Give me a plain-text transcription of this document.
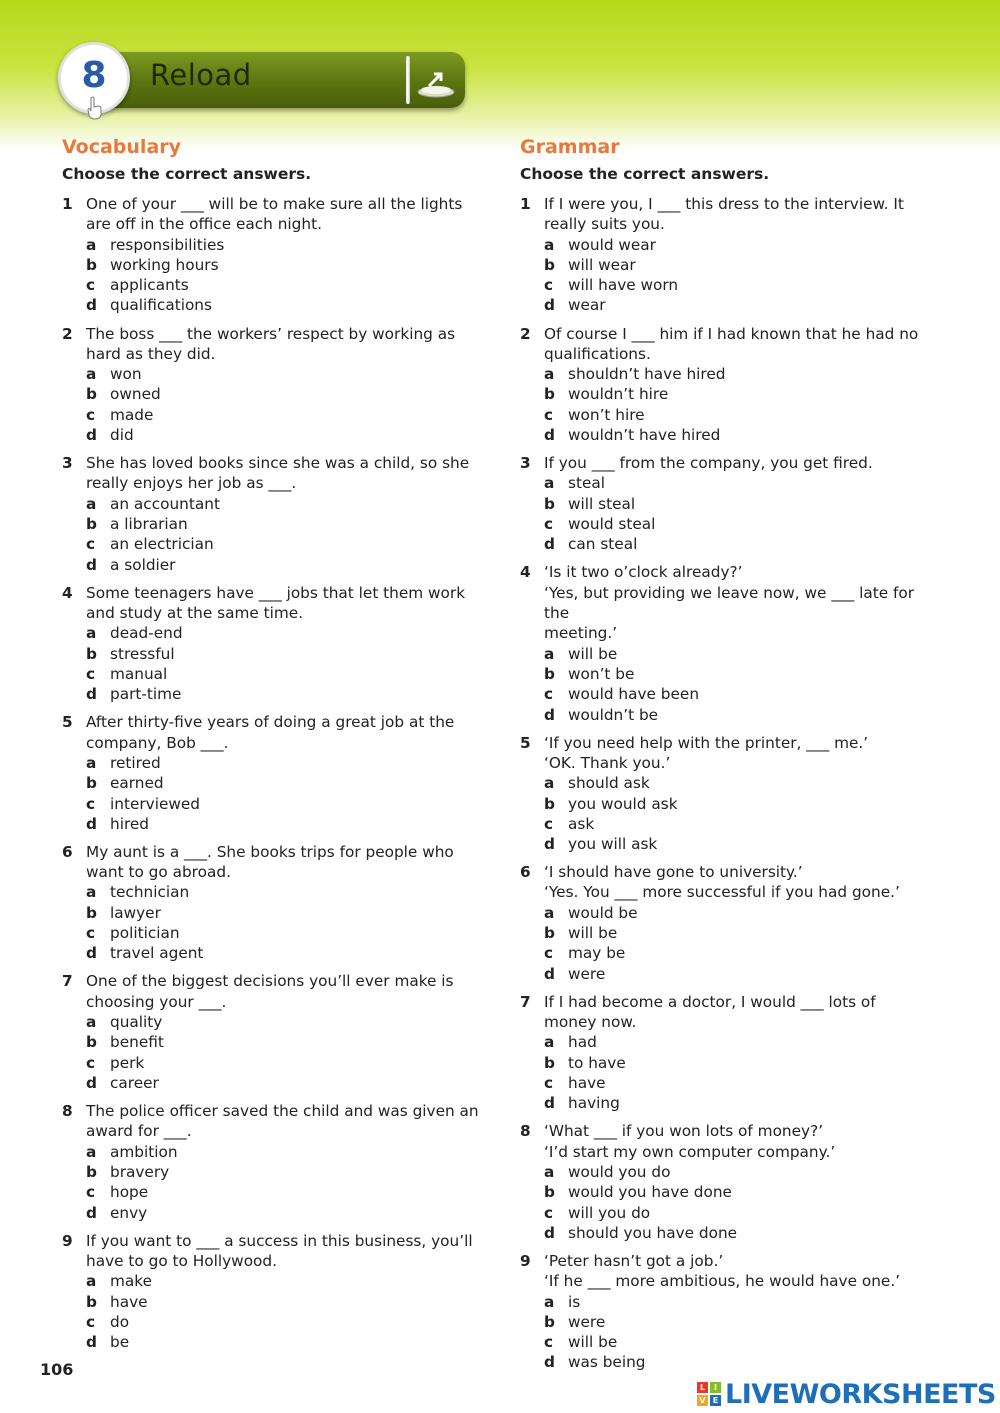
Reload
8
Vocabulary
Choose the correct answers.
1 One of your ___ will be to make sure all the lights
are off in the office each night.
a responsibilities
b working hours
c applicants
d qualifications
2 The boss ___ the workers’ respect by working as
hard as they did.
a won
b owned
c made
d did
3 She has loved books since she was a child, so she
really enjoys her job as ___.
a an accountant
b a librarian
c an electrician
d a soldier
4 Some teenagers have ___ jobs that let them work
and study at the same time.
a dead-end
b stressful
c manual
d part-time
5 After thirty-five years of doing a great job at the
company, Bob ___.
a retired
b earned
c interviewed
d hired
6 My aunt is a ___. She books trips for people who
want to go abroad.
a technician
b lawyer
c politician
d travel agent
7 One of the biggest decisions you’ll ever make is
choosing your ___.
a quality
b benefit
c perk
d career
8 The police officer saved the child and was given an
award for ___.
a ambition
b bravery
c hope
d envy
9 If you want to ___ a success in this business, you’ll
have to go to Hollywood.
a make
b have
c do
d be
Grammar
Choose the correct answers.
1 If I were you, I ___ this dress to the interview. It
really suits you.
a would wear
b will wear
c will have worn
d wear
2 Of course I ___ him if I had known that he had no
qualifications.
a shouldn’t have hired
b wouldn’t hire
c won’t hire
d wouldn’t have hired
3 If you ___ from the company, you get fired.
a steal
b will steal
c would steal
d can steal
4 ‘Is it two o’clock already?’
‘Yes, but providing we leave now, we ___ late for the
meeting.’
a will be
b won’t be
c would have been
d wouldn’t be
5 ‘If you need help with the printer, ___ me.’
‘OK. Thank you.’
a should ask
b you would ask
c ask
d you will ask
6 ‘I should have gone to university.’
‘Yes. You ___ more successful if you had gone.’
a would be
b will be
c may be
d were
7 If I had become a doctor, I would ___ lots of
money now.
a had
b to have
c have
d having
8 ‘What ___ if you won lots of money?’
‘I’d start my own computer company.’
a would you do
b would you have done
c will you do
d should you have done
9 ‘Peter hasn’t got a job.’
‘If he ___ more ambitious, he would have one.’
a is
b were
c will be
d was being
106
L	I
V E LIVEWORKSHEETS
